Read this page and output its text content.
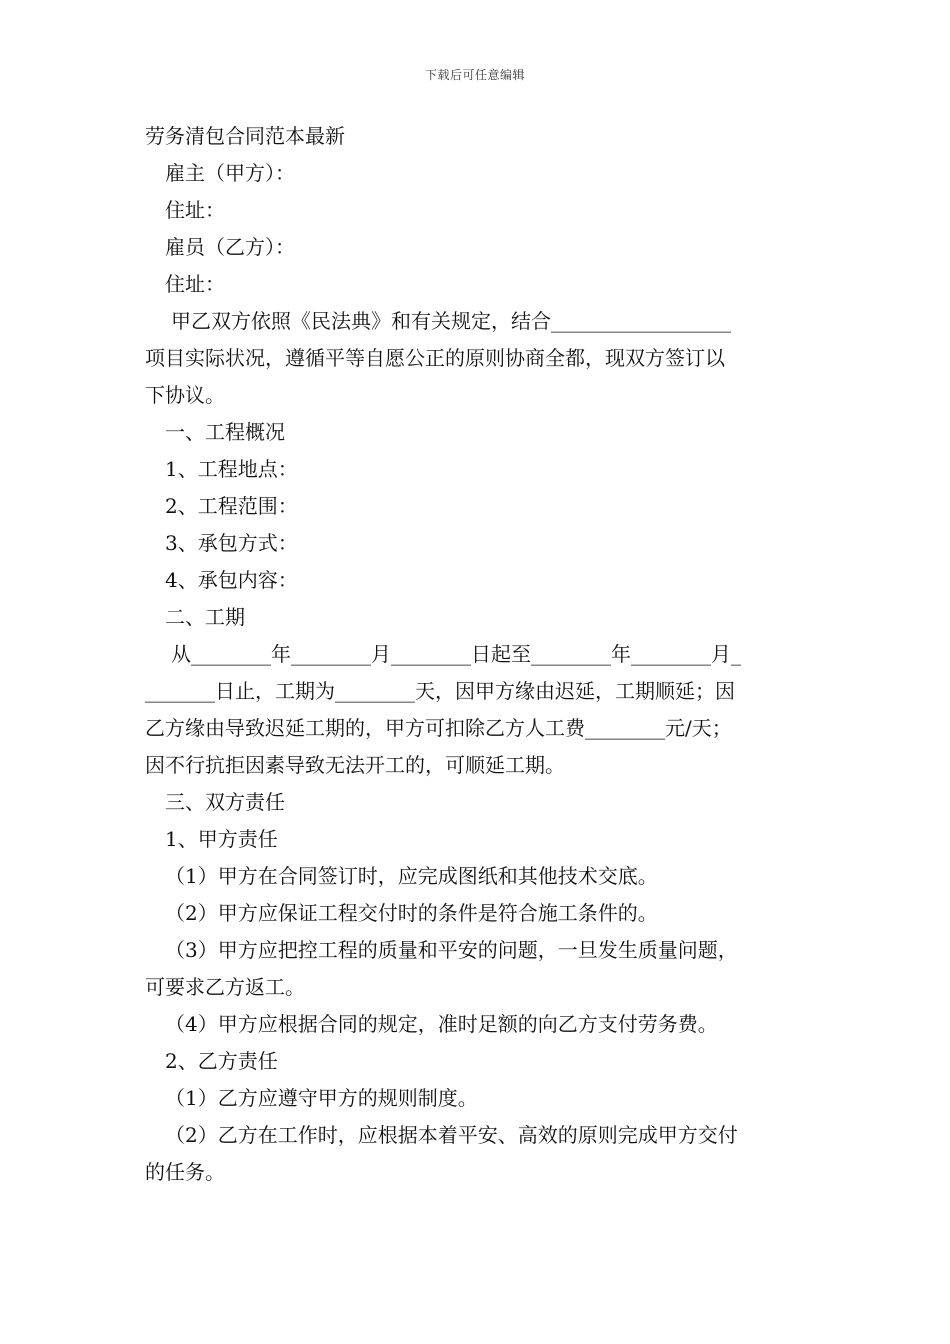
下载后可任意编辑
劳务清包合同范本最新
雇主（甲方）：
住址：
雇员（乙方）：
住址：
甲乙双方依照《民法典》和有关规定，结合__________________
项目实际状况，遵循平等自愿公正的原则协商全都，现双方签订以
下协议。
一、工程概况
1、工程地点：
2、工程范围：
3、承包方式：
4、承包内容：
二、工期
从________年________月________日起至________年________月_
_______日止，工期为________天，因甲方缘由迟延，工期顺延；因
乙方缘由导致迟延工期的，甲方可扣除乙方人工费________元/天；
因不行抗拒因素导致无法开工的，可顺延工期。
三、双方责任
1、甲方责任
（1）甲方在合同签订时，应完成图纸和其他技术交底。
（2）甲方应保证工程交付时的条件是符合施工条件的。
（3）甲方应把控工程的质量和平安的问题，一旦发生质量问题，
可要求乙方返工。
（4）甲方应根据合同的规定，准时足额的向乙方支付劳务费。
2、乙方责任
（1）乙方应遵守甲方的规则制度。
（2）乙方在工作时，应根据本着平安、高效的原则完成甲方交付
的任务。
